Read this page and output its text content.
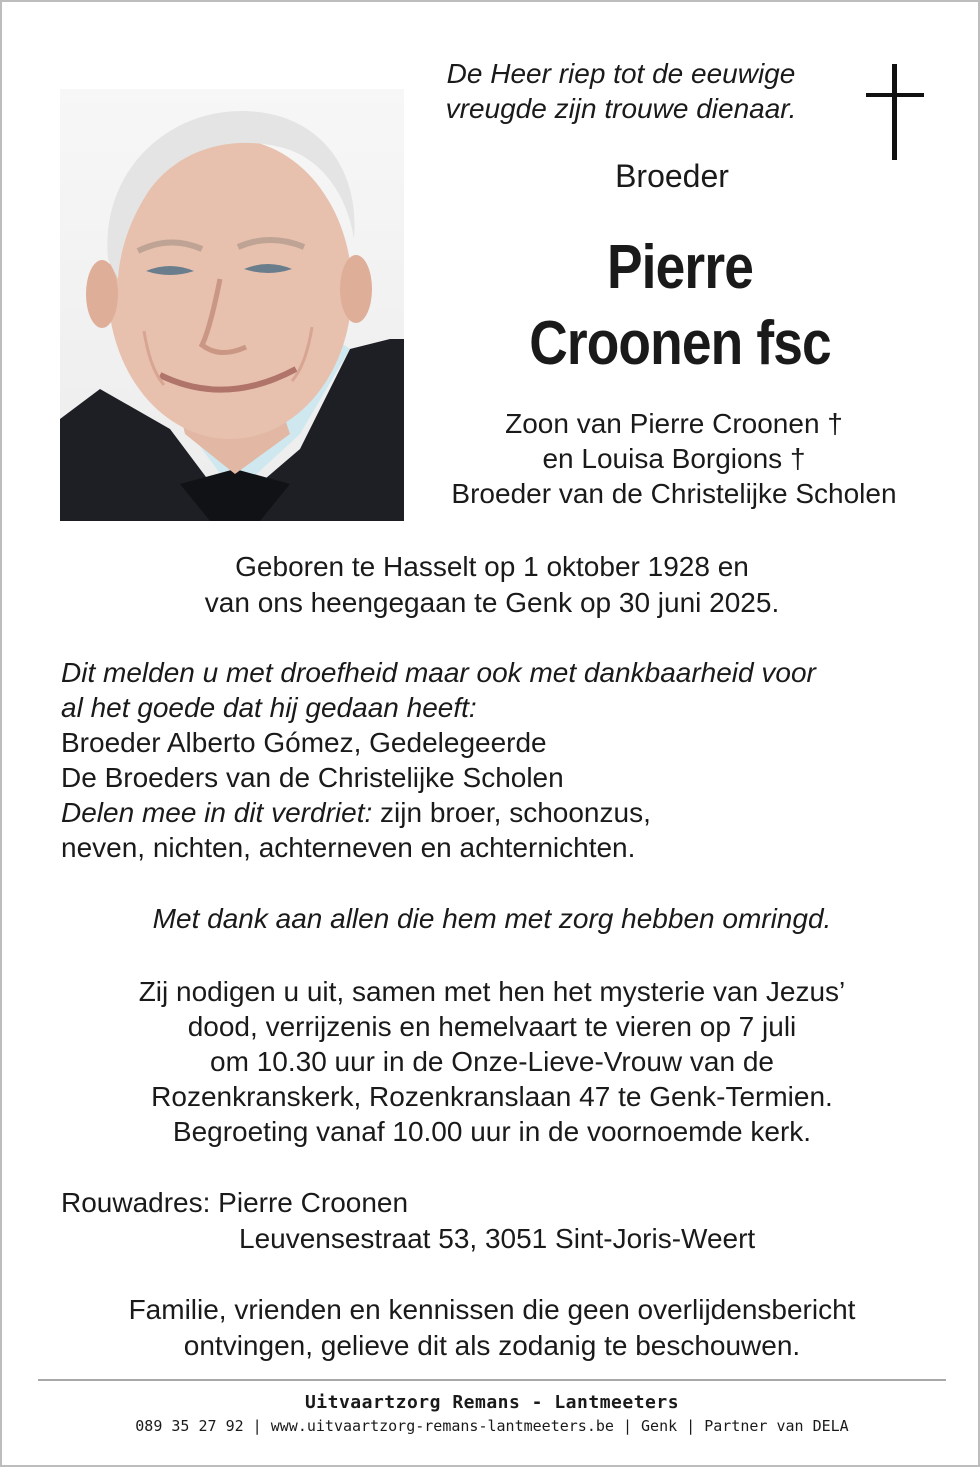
De Heer riep tot de eeuwige
vreugde zijn trouwe dienaar.
Broeder
Pierre
Croonen fsc
Zoon van Pierre Croonen †
en Louisa Borgions †
Broeder van de Christelijke Scholen
Geboren te Hasselt op 1 oktober 1928 en
van ons heengegaan te Genk op 30 juni 2025.
Dit melden u met droefheid maar ook met dankbaarheid voor
al het goede dat hij gedaan heeft:
Broeder Alberto Gómez, Gedelegeerde
De Broeders van de Christelijke Scholen
Delen mee in dit verdriet: zijn broer, schoonzus,
neven, nichten, achterneven en achternichten.
Met dank aan allen die hem met zorg hebben omringd.
Zij nodigen u uit, samen met hen het mysterie van Jezus’
dood, verrijzenis en hemelvaart te vieren op 7 juli
om 10.30 uur in de Onze-Lieve-Vrouw van de
Rozenkranskerk, Rozenkranslaan 47 te Genk-Termien.
Begroeting vanaf 10.00 uur in de voornoemde kerk.
Rouwadres: Pierre Croonen
Leuvensestraat 53, 3051 Sint-Joris-Weert
Familie, vrienden en kennissen die geen overlijdensbericht
ontvingen, gelieve dit als zodanig te beschouwen.
Uitvaartzorg Remans - Lantmeeters
089 35 27 92 | www.uitvaartzorg-remans-lantmeeters.be | Genk | Partner van DELA
